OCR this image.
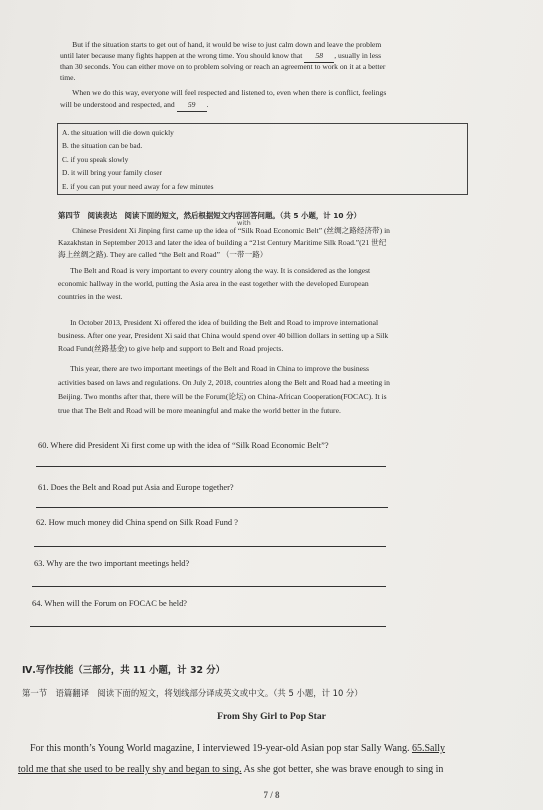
But if the situation starts to get out of hand, it would be wise to just calm down and leave the problem

until later because many fights happen at the wrong time. You should know that 58 , usually in less

than 30 seconds. You can either move on to problem solving or reach an agreement to work on it at a better

time.

When we do this way, everyone will feel respected and listened to, even when there is conflict, feelings

will be understood and respected, and 59 .

A. the situation will die down quickly
B. the situation can be bad.
C. if you speak slowly
D. it will bring your family closer
E. if you can put your need away for a few minutes

第四节　阅读表达　阅读下面的短文，然后根据短文内容回答问题。（共 5 小题，计 10 分）

with

Chinese President Xi Jinping first came up the idea of “Silk Road Economic Belt” (丝绸之路经济带) in

Kazakhstan in September 2013 and later the idea of building a “21st Century Maritime Silk Road.”(21 世纪

海上丝绸之路). They are called “the Belt and Road” （一带一路）

The Belt and Road is very important to every country along the way. It is considered as the longest

economic hallway in the world, putting the Asia area in the east together with the developed European

countries in the west.

In October 2013, President Xi offered the idea of building the Belt and Road to improve international

business. After one year, President Xi said that China would spend over 40 billion dollars in setting up a Silk

Road Fund(丝路基金) to give help and support to Belt and Road projects.

This year, there are two important meetings of the Belt and Road in China to improve the business

activities based on laws and regulations. On July 2, 2018, countries along the Belt and Road had a meeting in

Beijing. Two months after that, there will be the Forum(论坛) on China-African Cooperation(FOCAC). It is

true that The Belt and Road will be more meaningful and make the world better in the future.

60. Where did President Xi first come up with the idea of “Silk Road Economic Belt”?
61. Does the Belt and Road put Asia and Europe together?
62. How much money did China spend on Silk Road Fund ?
63. Why are the two important meetings held?
64. When will the Forum on FOCAC be held?
Ⅳ.写作技能（三部分，共 11 小题，计 32 分）
第一节　语篇翻译　阅读下面的短文，将划线部分译成英文或中文。（共 5 小题，计 10 分）
From Shy Girl to Pop Star
For this month’s Young World magazine, I interviewed 19-year-old Asian pop star Sally Wang. 65.Sally
told me that she used to be really shy and began to sing. As she got better, she was brave enough to sing in
7 / 8
